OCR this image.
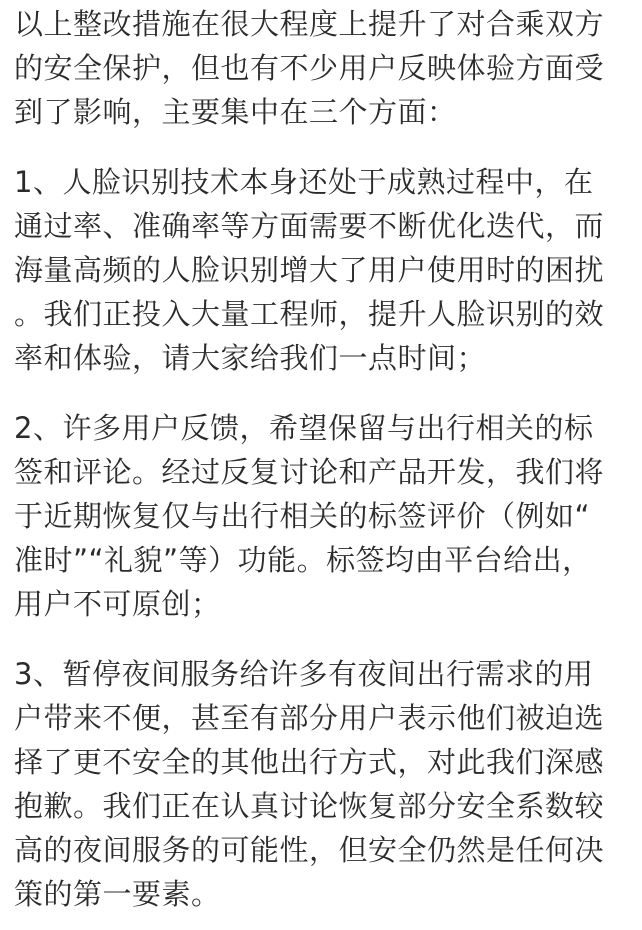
以上整改措施在很大程度上提升了对合乘双方
的安全保护，但也有不少用户反映体验方面受
到了影响，主要集中在三个方面：
1、人脸识别技术本身还处于成熟过程中，在
通过率、准确率等方面需要不断优化迭代，而
海量高频的人脸识别增大了用户使用时的困扰
。我们正投入大量工程师，提升人脸识别的效
率和体验，请大家给我们一点时间；
2、许多用户反馈，希望保留与出行相关的标
签和评论。经过反复讨论和产品开发，我们将
于近期恢复仅与出行相关的标签评价（例如“
准时”“礼貌”等）功能。标签均由平台给出，
用户不可原创；
3、暂停夜间服务给许多有夜间出行需求的用
户带来不便，甚至有部分用户表示他们被迫选
择了更不安全的其他出行方式，对此我们深感
抱歉。我们正在认真讨论恢复部分安全系数较
高的夜间服务的可能性，但安全仍然是任何决
策的第一要素。
